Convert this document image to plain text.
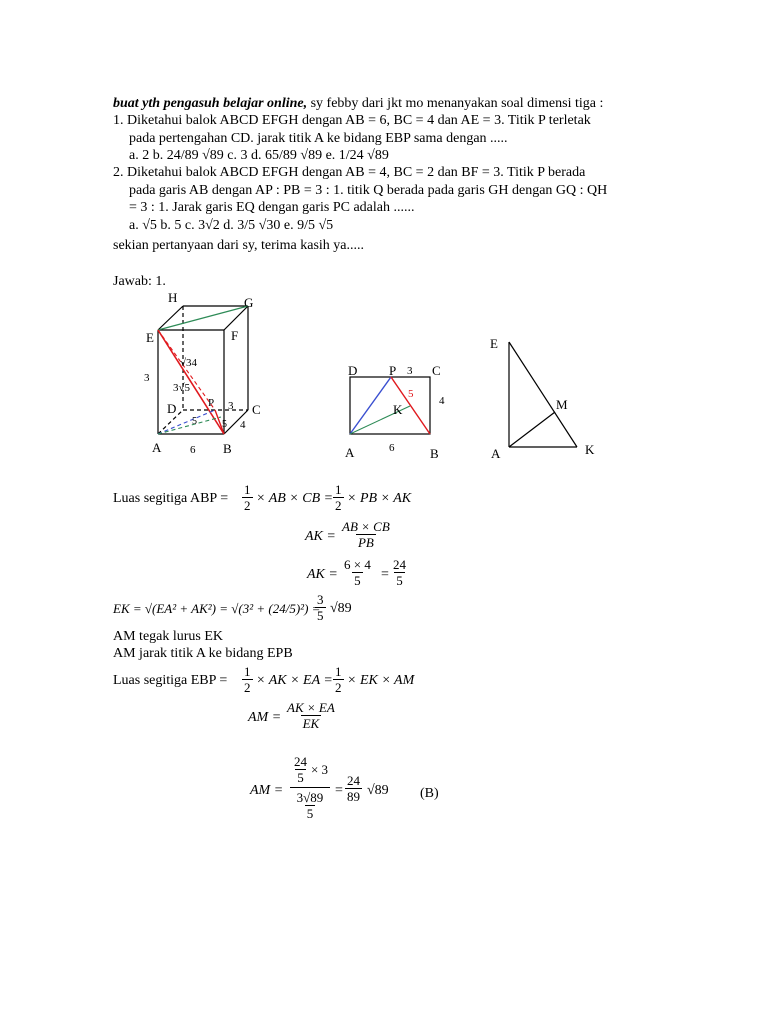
buat yth pengasuh belajar online, sy febby dari jkt mo menanyakan soal dimensi tiga :
1. Diketahui balok ABCD EFGH dengan AB = 6, BC = 4 dan AE = 3. Titik P terletak
pada pertengahan CD. jarak titik A ke bidang EBP sama dengan .....
a. 2 b. 24/89 √89 c. 3 d. 65/89 √89 e. 1/24 √89
2. Diketahui balok ABCD EFGH dengan AB = 4, BC = 2 dan BF = 3. Titik P berada
pada garis AB dengan AP : PB = 3 : 1. titik Q berada pada garis GH dengan GQ : QH
= 3 : 1. Jarak garis EQ dengan garis PC adalah ......
a. √5 b. 5 c. 3√2 d. 3/5 √30 e. 9/5 √5
sekian pertanyaan dari sy, terima kasih ya.....
Jawab: 1.
H	G
E	F
D	C
A	B
P
3
6
4
3
5
√34
3√5
5
D P	C
A	B
K
3
5
4
6
E
M
A	K
Luas segitiga ABP = $\frac{1}{2}$ × AB × CB = $\frac{1}{2}$ × PB × AK
AK = $\frac{AB \times CB}{PB}$
AK = $\frac{6 \times 4}{5} = \frac{24}{5}$
EK = √(EA² + AK²) = √(3² + (24/5)²) =
$\frac{3}{5} √89$
AM tegak lurus EK
AM jarak titik A ke bidang EPB
Luas segitiga EBP = $\frac{1}{2}$ × AK × EA = $\frac{1}{2}$ × EK × AM
AM = $\frac{AK \times EA}{EK}$
AM =
$\frac{24}{5} \times 3$
$\frac{3√89}{5} = \frac{24}{89} √89$ (B)
